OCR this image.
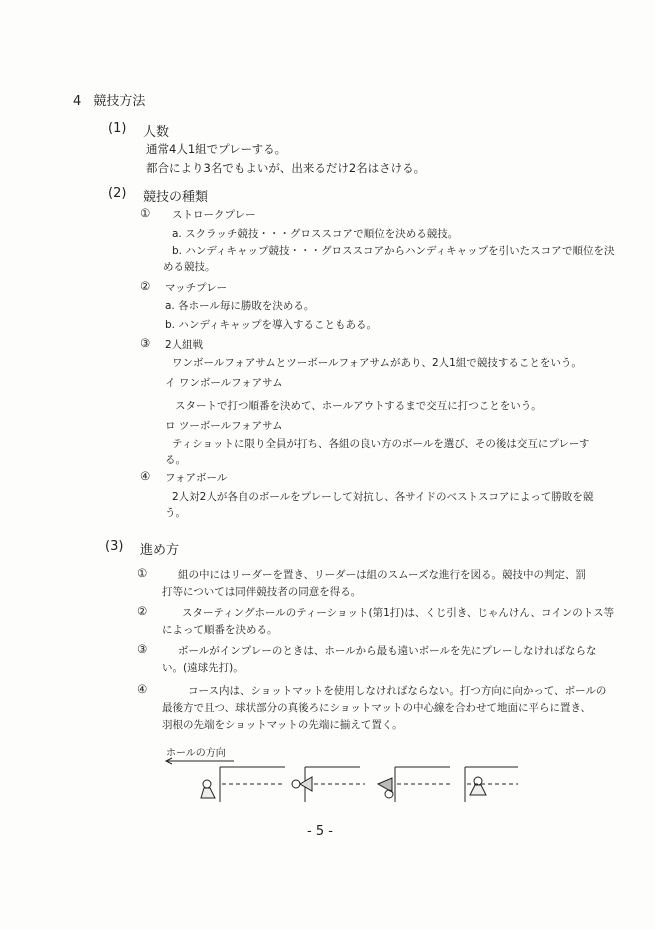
4 競技方法
(1) 人数
通常4人1組でプレーする。
都合により3名でもよいが、出来るだけ2名はさける。
(2) 競技の種類
① ストロークプレー
a. スクラッチ競技・・・グロススコアで順位を決める競技。
b. ハンディキャップ競技・・・グロススコアからハンディキャップを引いたスコアで順位を決
める競技。
② マッチプレー
a. 各ホール毎に勝敗を決める。
b. ハンディキャップを導入することもある。
③ 2人組戦
ワンボールフォアサムとツーボールフォアサムがあり、2人1組で競技することをいう。
イ ワンボールフォアサム
スタートで打つ順番を決めて、ホールアウトするまで交互に打つことをいう。
ロ ツーボールフォアサム
ティショットに限り全員が打ち、各組の良い方のボールを選び、その後は交互にプレーす
る。
④ フォアボール
2人対2人が各自のボールをプレーして対抗し、各サイドのベストスコアによって勝敗を競
う。
(3) 進め方
①	組の中にはリーダーを置き、リーダーは組のスムーズな進行を図る。競技中の判定、罰
打等については同伴競技者の同意を得る。
②	スターティングホールのティーショット(第1打)は、くじ引き、じゃんけん、コインのトス等
によって順番を決める。
③	ボールがインプレーのときは、ホールから最も遠いボールを先にプレーしなければならな
い。(遠球先打)。
④	コース内は、ショットマットを使用しなければならない。打つ方向に向かって、ボールの
最後方で且つ、球状部分の真後ろにショットマットの中心線を合わせて地面に平らに置き、
羽根の先端をショットマットの先端に揃えて置く。
ホールの方向
- 5 -
